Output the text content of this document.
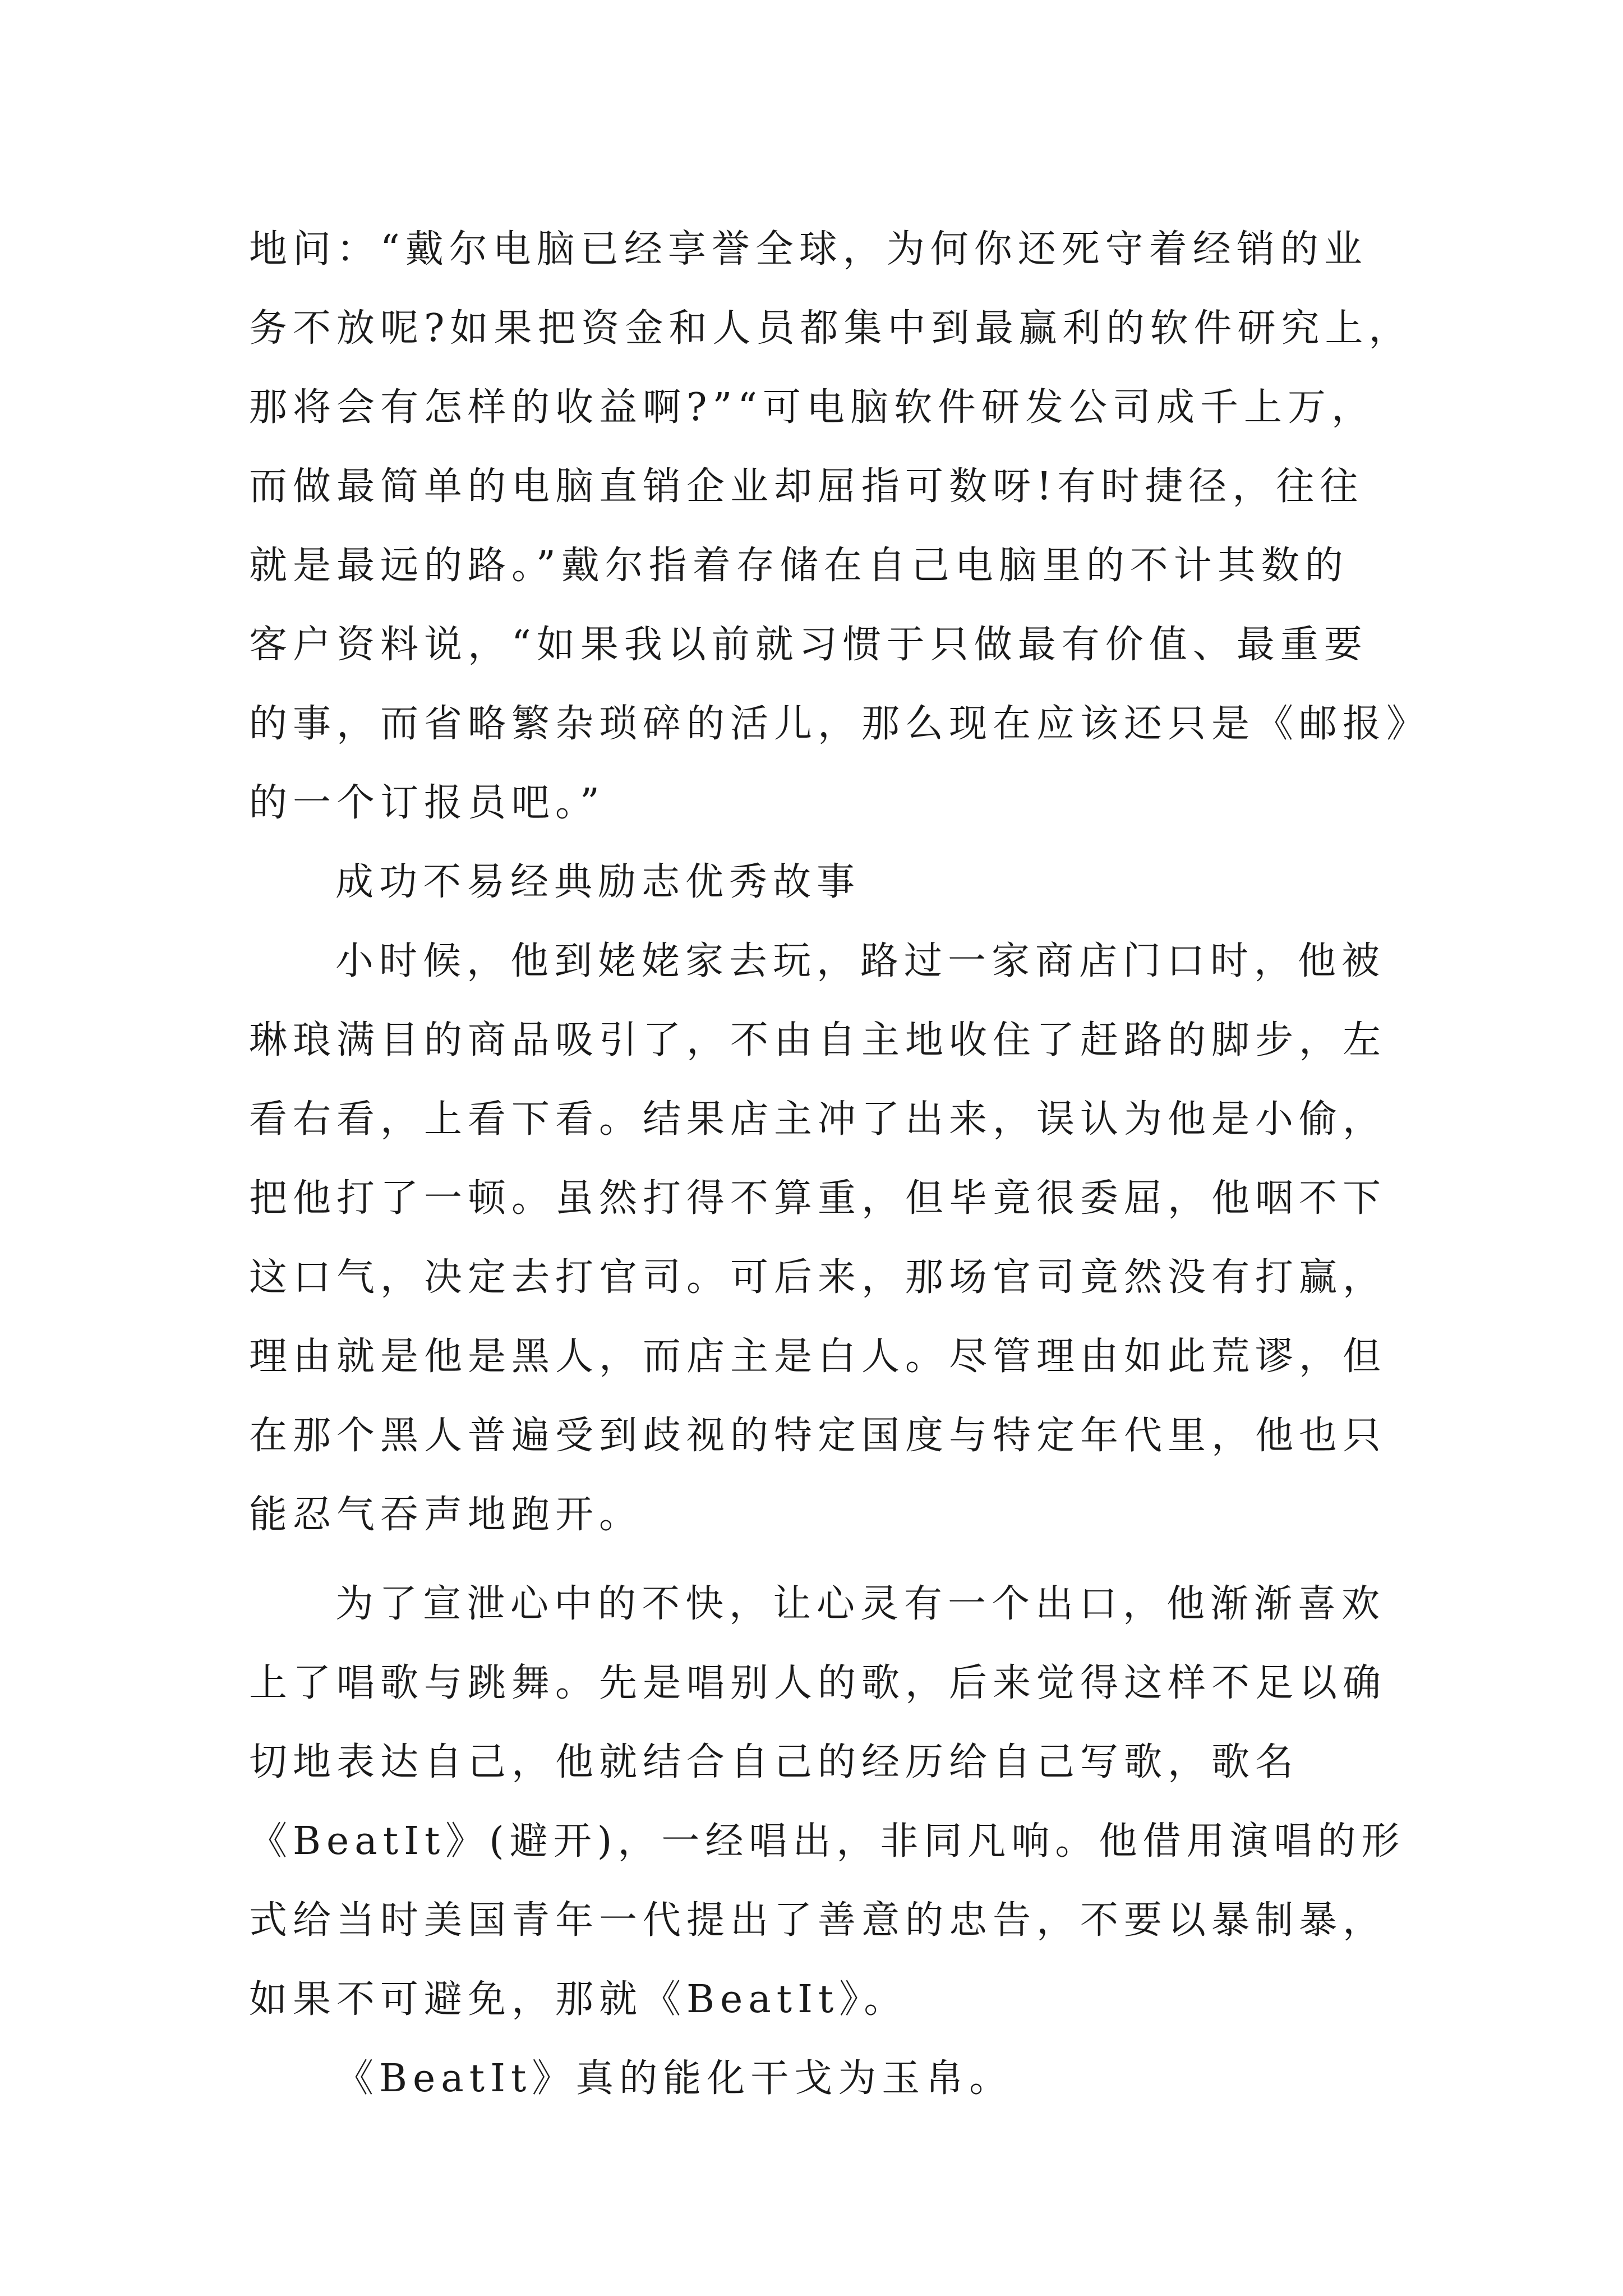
地问：“戴尔电脑已经享誉全球，为何你还死守着经销的业
务不放呢?如果把资金和人员都集中到最赢利的软件研究上，
那将会有怎样的收益啊?”“可电脑软件研发公司成千上万，
而做最简单的电脑直销企业却屈指可数呀!有时捷径，往往
就是最远的路。”戴尔指着存储在自己电脑里的不计其数的
客户资料说，“如果我以前就习惯于只做最有价值、最重要
的事，而省略繁杂琐碎的活儿，那么现在应该还只是《邮报》
的一个订报员吧。”
成功不易经典励志优秀故事
小时候，他到姥姥家去玩，路过一家商店门口时，他被
琳琅满目的商品吸引了，不由自主地收住了赶路的脚步，左
看右看，上看下看。结果店主冲了出来，误认为他是小偷，
把他打了一顿。虽然打得不算重，但毕竟很委屈，他咽不下
这口气，决定去打官司。可后来，那场官司竟然没有打赢，
理由就是他是黑人，而店主是白人。尽管理由如此荒谬，但
在那个黑人普遍受到歧视的特定国度与特定年代里，他也只
能忍气吞声地跑开。
为了宣泄心中的不快，让心灵有一个出口，他渐渐喜欢
上了唱歌与跳舞。先是唱别人的歌，后来觉得这样不足以确
切地表达自己，他就结合自己的经历给自己写歌，歌名
《BeatIt》(避开)，一经唱出，非同凡响。他借用演唱的形
式给当时美国青年一代提出了善意的忠告，不要以暴制暴，
如果不可避免，那就《BeatIt》。
《BeatIt》真的能化干戈为玉帛。
